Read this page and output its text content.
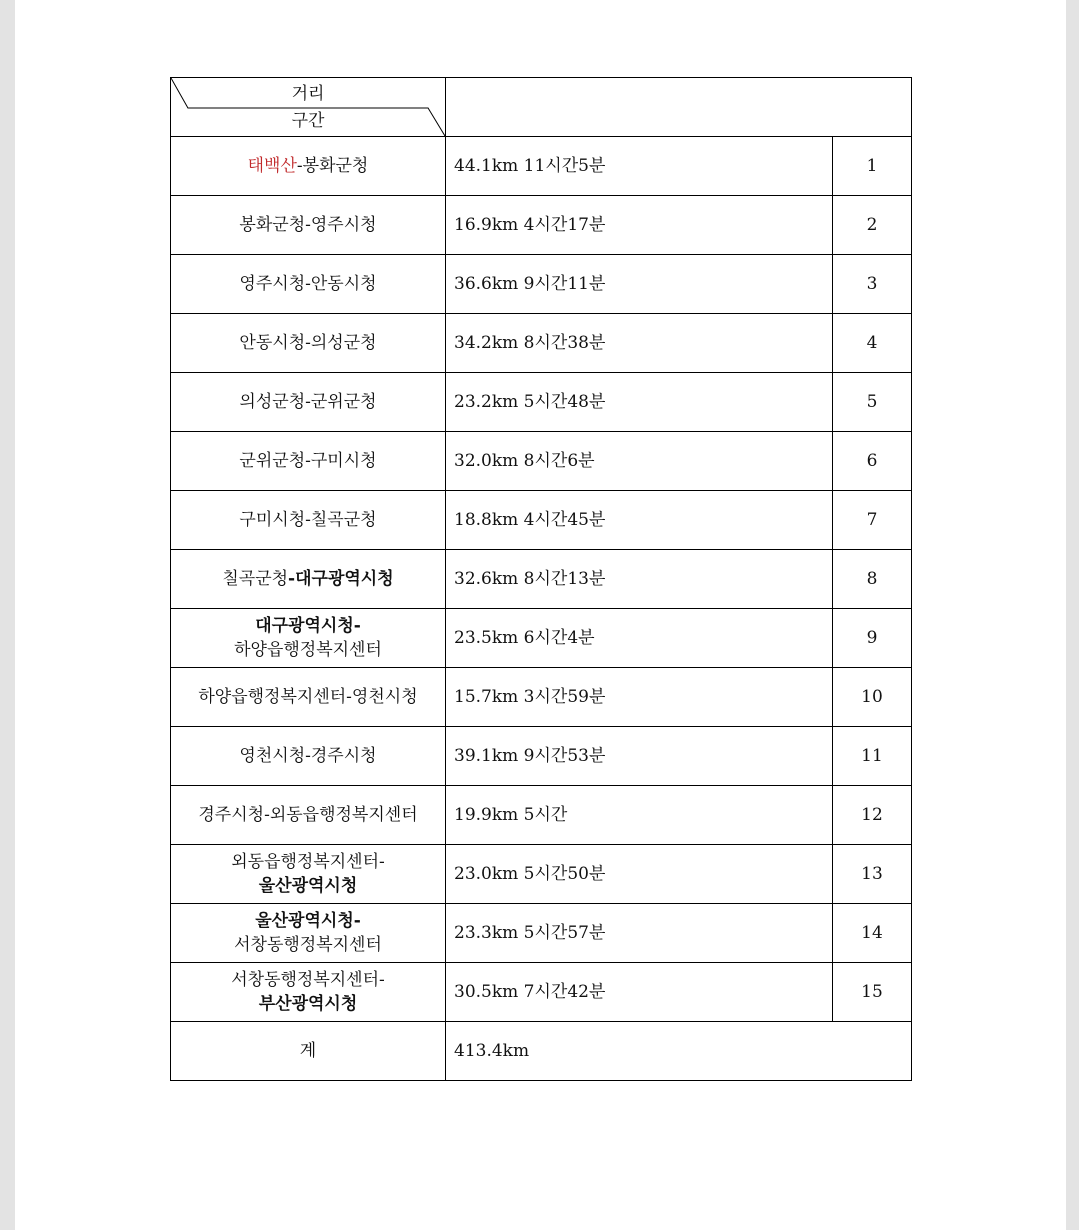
거리
구간		

태백산-봉화군청	44.1km 11시간5분	1
봉화군청-영주시청	16.9km 4시간17분	2
영주시청-안동시청	36.6km 9시간11분	3
안동시청-의성군청	34.2km 8시간38분	4
의성군청-군위군청	23.2km 5시간48분	5
군위군청-구미시청	32.0km 8시간6분	6
구미시청-칠곡군청	18.8km 4시간45분	7
칠곡군청-대구광역시청	32.6km 8시간13분	8

대구광역시청-
하양읍행정복지센터	23.5km 6시간4분	9
하양읍행정복지센터-영천시청	15.7km 3시간59분	10
영천시청-경주시청	39.1km 9시간53분	11
경주시청-외동읍행정복지센터	19.9km 5시간	12

외동읍행정복지센터-
울산광역시청	23.0km 5시간50분	13

울산광역시청-
서창동행정복지센터	23.3km 5시간57분	14

서창동행정복지센터-
부산광역시청	30.5km 7시간42분	15
계	413.4km	
